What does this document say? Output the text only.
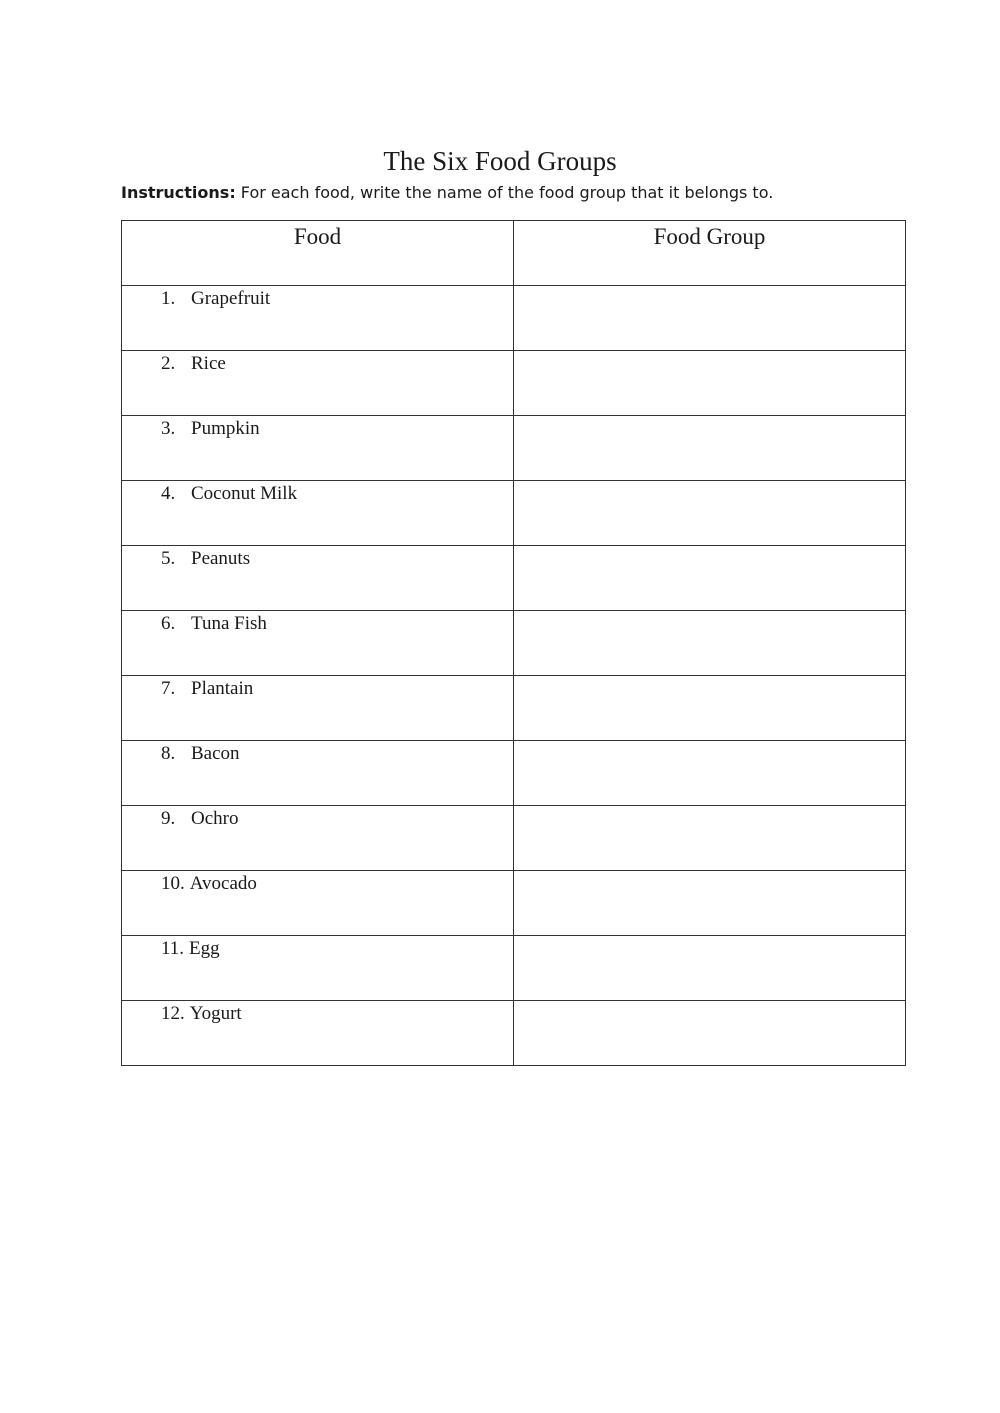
The Six Food Groups
Instructions: For each food, write the name of the food group that it belongs to.
Food	Food Group

1. Grapefruit	

2. Rice	

3. Pumpkin	

4. Coconut Milk	

5. Peanuts	

6. Tuna Fish	

7. Plantain	

8. Bacon	

9. Ochro	

10. Avocado	

11. Egg	

12. Yogurt	
